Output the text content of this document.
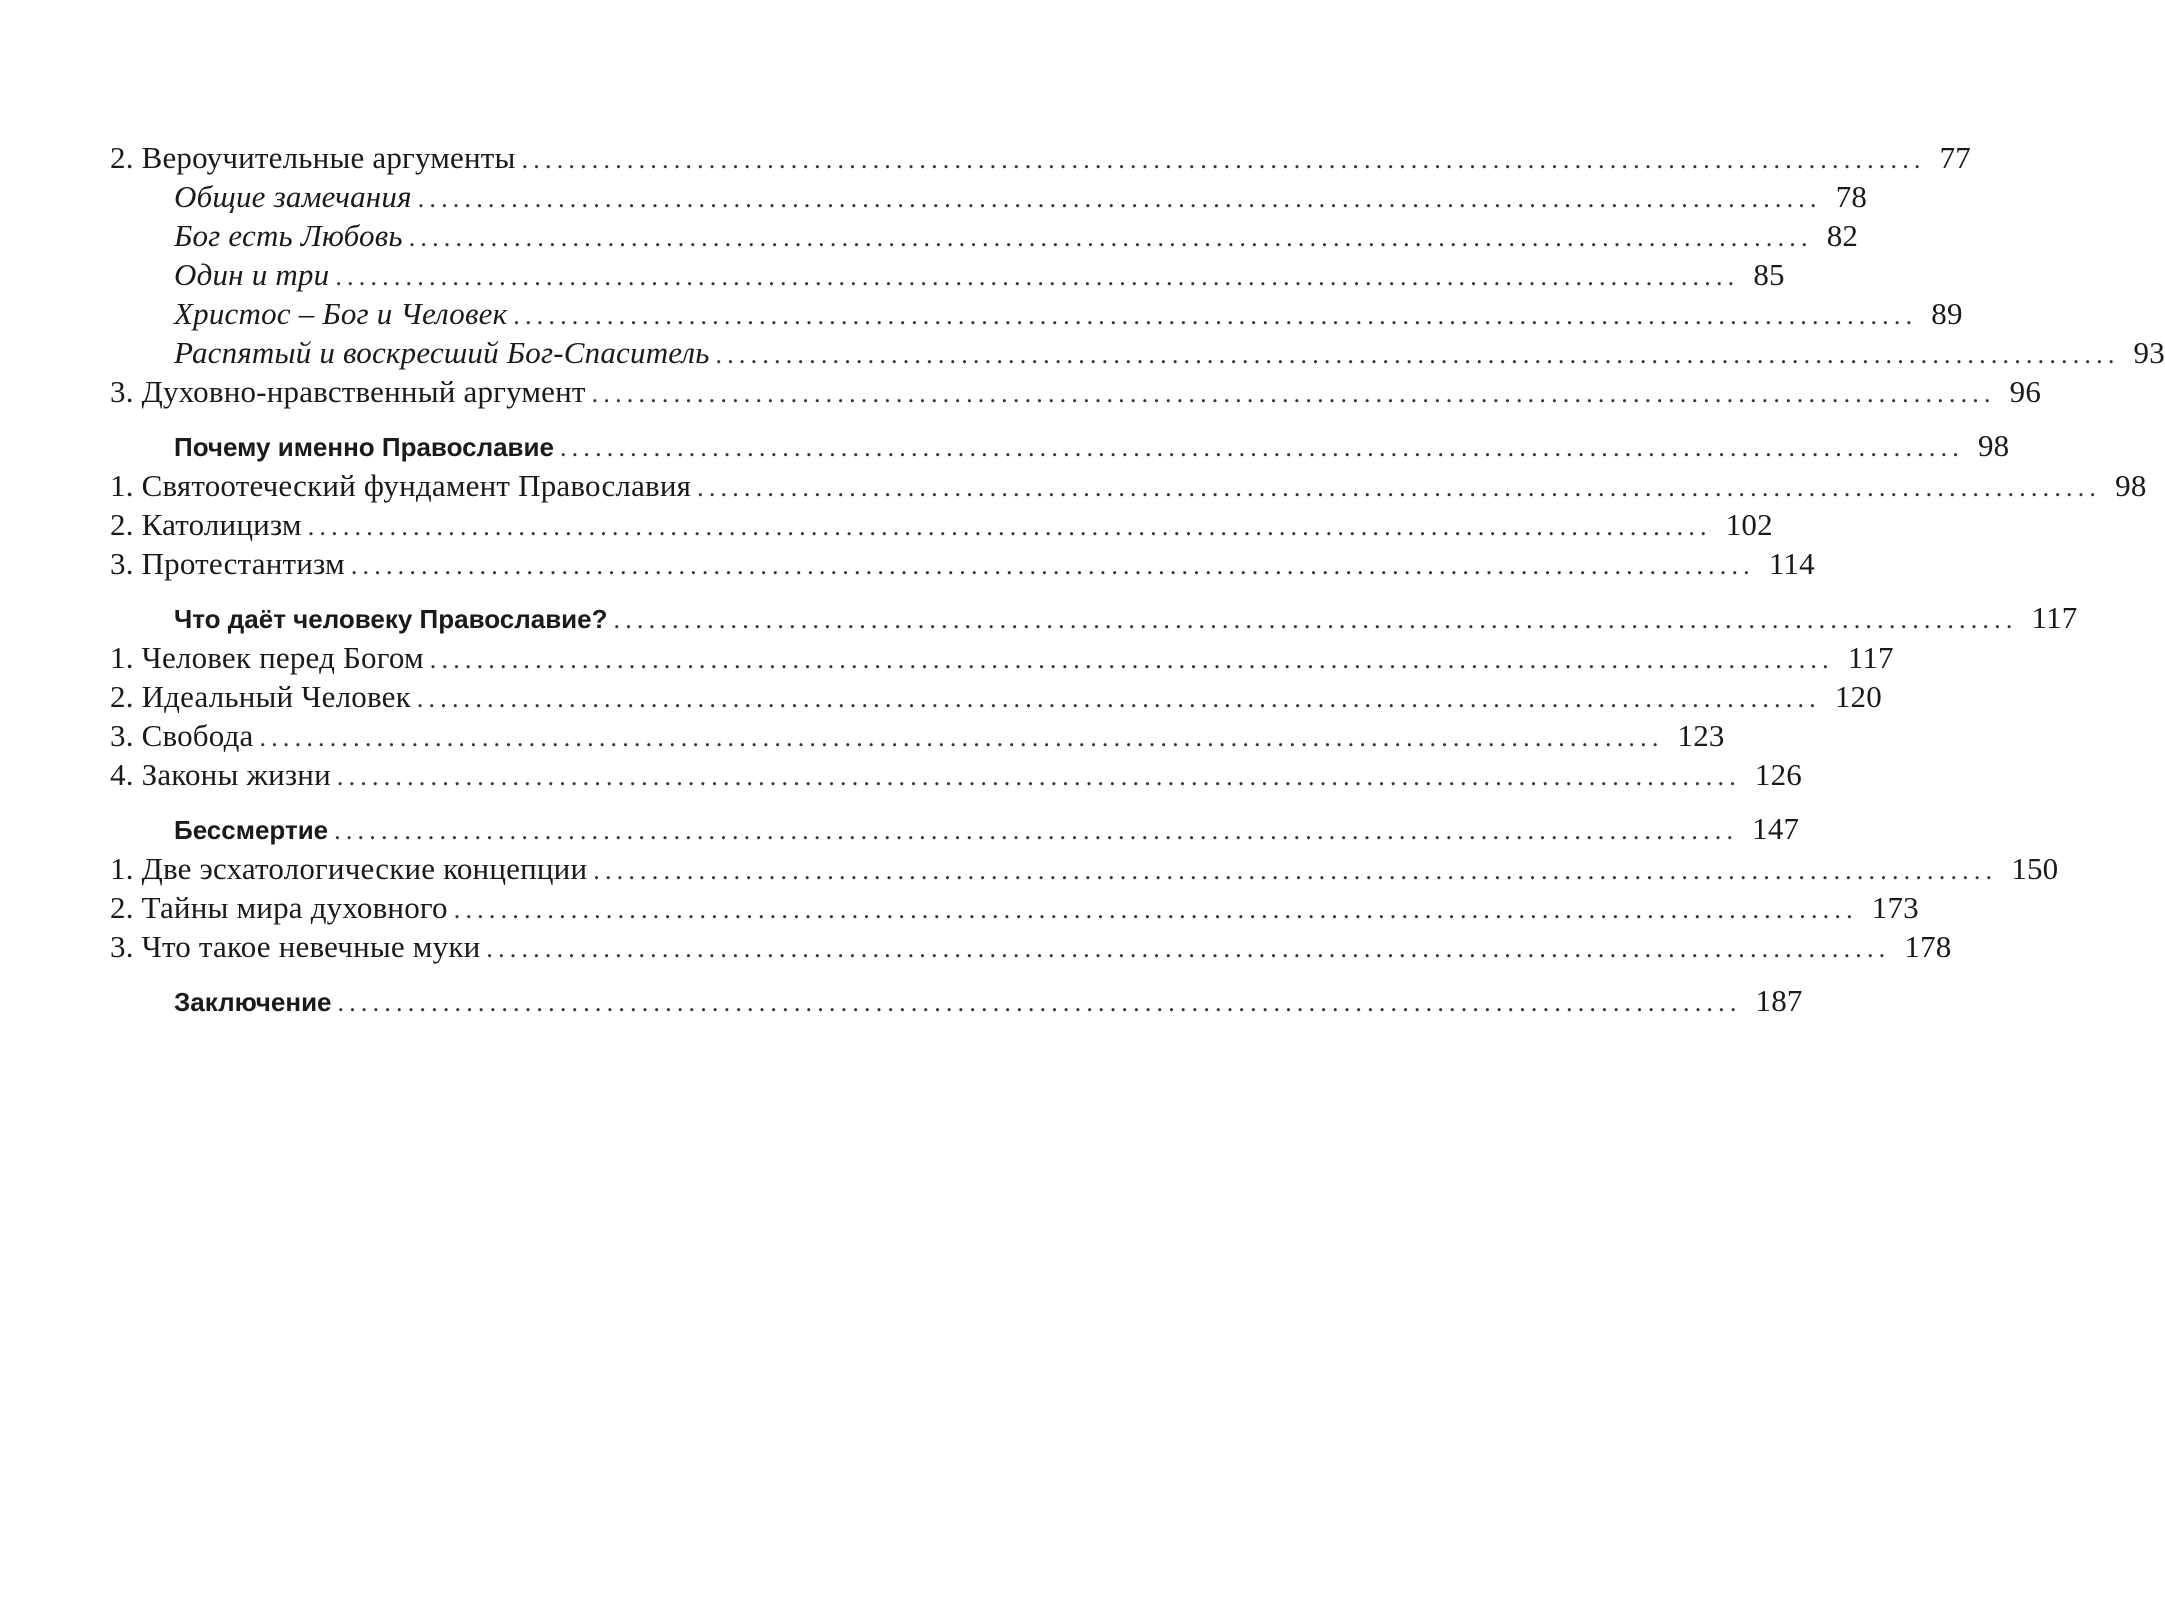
2. Вероучительные аргументы ........................................................................................................................ 77
Общие замечания ........................................................................................................................ 78
Бог есть Любовь ........................................................................................................................ 82
Один и три ........................................................................................................................ 85
Христос – Бог и Человек ........................................................................................................................ 89
Распятый и воскресший Бог-Спаситель ........................................................................................................................ 93
3. Духовно-нравственный аргумент ........................................................................................................................ 96
Почему именно Православие ........................................................................................................................ 98
1. Святоотеческий фундамент Православия ........................................................................................................................ 98
2. Католицизм ........................................................................................................................ 102
3. Протестантизм ........................................................................................................................ 114
Что даёт человеку Православие? ........................................................................................................................ 117
1. Человек перед Богом ........................................................................................................................ 117
2. Идеальный Человек ........................................................................................................................ 120
3. Свобода ........................................................................................................................ 123
4. Законы жизни ........................................................................................................................ 126
Бессмертие ........................................................................................................................ 147
1. Две эсхатологические концепции ........................................................................................................................ 150
2. Тайны мира духовного ........................................................................................................................ 173
3. Что такое невечные муки ........................................................................................................................ 178
Заключение ........................................................................................................................ 187
